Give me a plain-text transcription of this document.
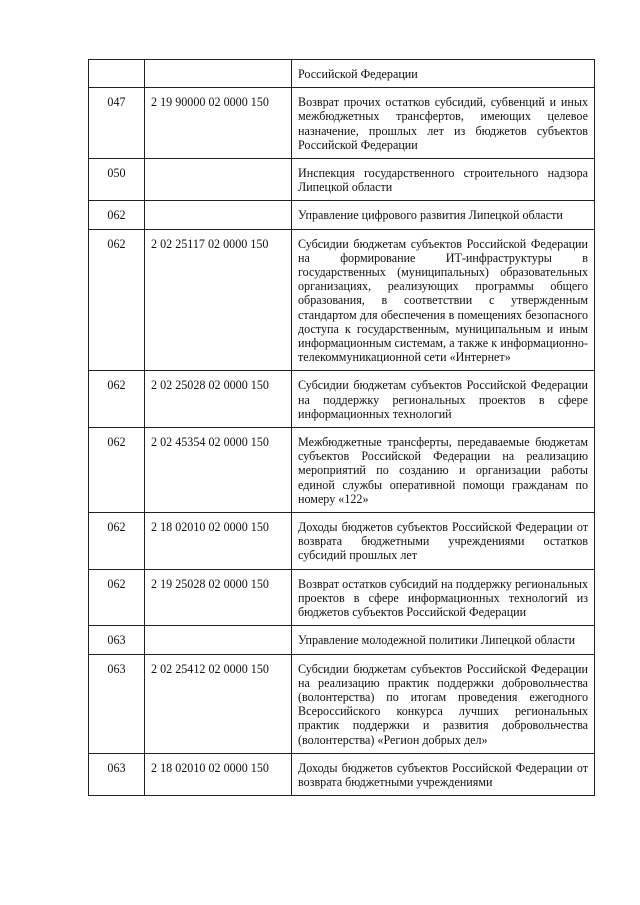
		Российской Федерации
047	2 19 90000 02 0000 150	Возврат прочих остатков субсидий, субвенций и иных межбюджетных трансфертов, имеющих целевое назначение, прошлых лет из бюджетов субъектов Российской Федерации
050		Инспекция государственного строительного надзора Липецкой области
062		Управление цифрового развития Липецкой области
062	2 02 25117 02 0000 150	Субсидии бюджетам субъектов Российской Федерации на формирование ИТ-инфраструктуры в государственных (муниципальных) образовательных организациях, реализующих программы общего образования, в соответствии с утвержденным стандартом для обеспечения в помещениях безопасного доступа к государственным, муниципальным и иным информационным системам, а также к информационно-телекоммуникационной сети «Интернет»
062	2 02 25028 02 0000 150	Субсидии бюджетам субъектов Российской Федерации на поддержку региональных проектов в сфере информационных технологий
062	2 02 45354 02 0000 150	Межбюджетные трансферты, передаваемые бюджетам субъектов Российской Федерации на реализацию мероприятий по созданию и организации работы единой службы оперативной помощи гражданам по номеру «122»
062	2 18 02010 02 0000 150	Доходы бюджетов субъектов Российской Федерации от возврата бюджетными учреждениями остатков субсидий прошлых лет
062	2 19 25028 02 0000 150	Возврат остатков субсидий на поддержку региональных проектов в сфере информационных технологий из бюджетов субъектов Российской Федерации
063		Управление молодежной политики Липецкой области
063	2 02 25412 02 0000 150	Субсидии бюджетам субъектов Российской Федерации на реализацию практик поддержки добровольчества (волонтерства) по итогам проведения ежегодного Всероссийского конкурса лучших региональных практик поддержки и развития добровольчества (волонтерства) «Регион добрых дел»
063	2 18 02010 02 0000 150	Доходы бюджетов субъектов Российской Федерации от возврата бюджетными учреждениями
